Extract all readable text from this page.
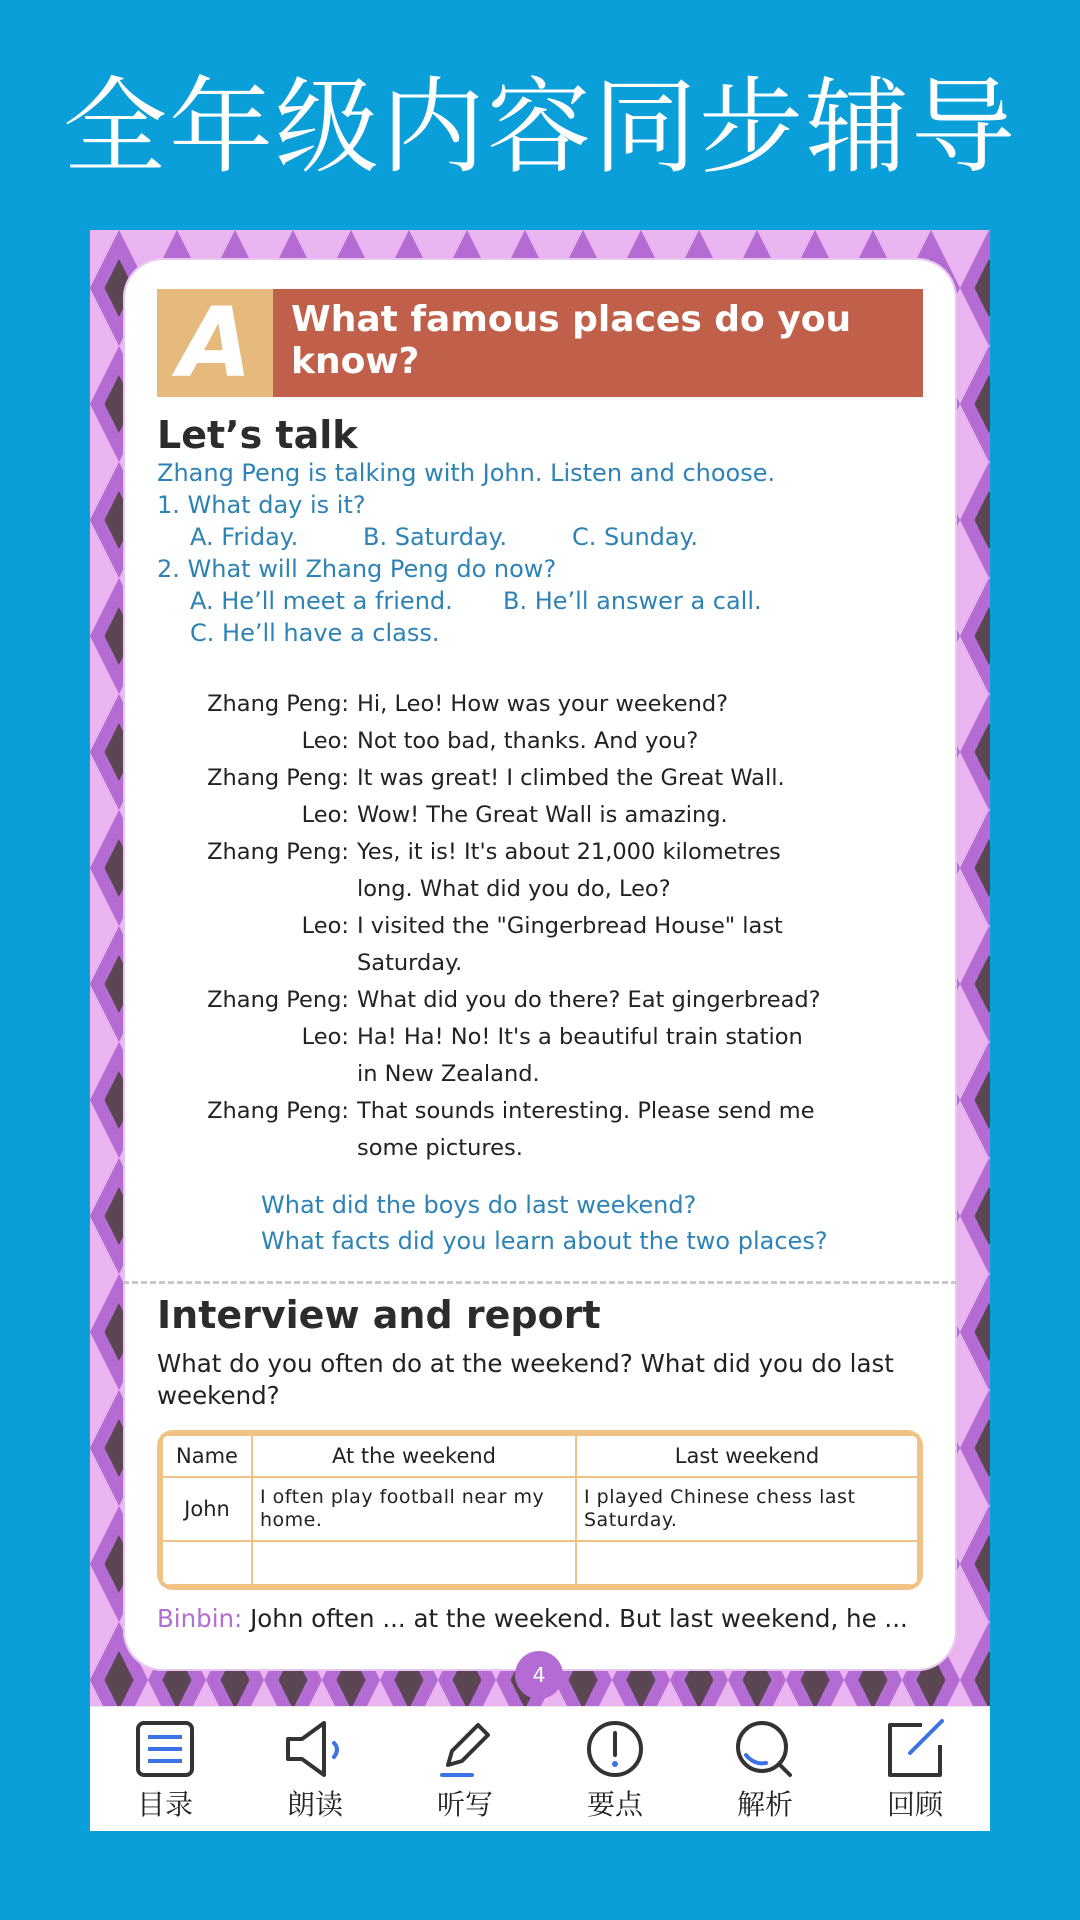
全年级内容同步辅导
A	What famous places do you know?
Let’s talk
Zhang Peng is talking with John. Listen and choose.
1. What day is it?
A. Friday.	B. Saturday.	C. Sunday.
2. What will Zhang Peng do now?
A. He’ll meet a friend. B. He’ll answer a call.
C. He’ll have a class.
Zhang Peng: Hi, Leo! How was your weekend?
Leo: Not too bad, thanks. And you?
Zhang Peng: It was great! I climbed the Great Wall.
Leo: Wow! The Great Wall is amazing.
Zhang Peng: Yes, it is! It's about 21,000 kilometres
long. What did you do, Leo?
Leo: I visited the "Gingerbread House" last
Saturday.
Zhang Peng: What did you do there? Eat gingerbread?
Leo: Ha! Ha! No! It's a beautiful train station
in New Zealand.
Zhang Peng: That sounds interesting. Please send me
some pictures.
What did the boys do last weekend?
What facts did you learn about the two places?
Interview and report
What do you often do at the weekend? What did you do last weekend?
Name	At the weekend	Last weekend
John	I often play football near my home.	I played Chinese chess last Saturday.

Binbin: John often ... at the weekend. But last weekend, he ...
4
目录	朗读	听写	要点	解析	回顾
